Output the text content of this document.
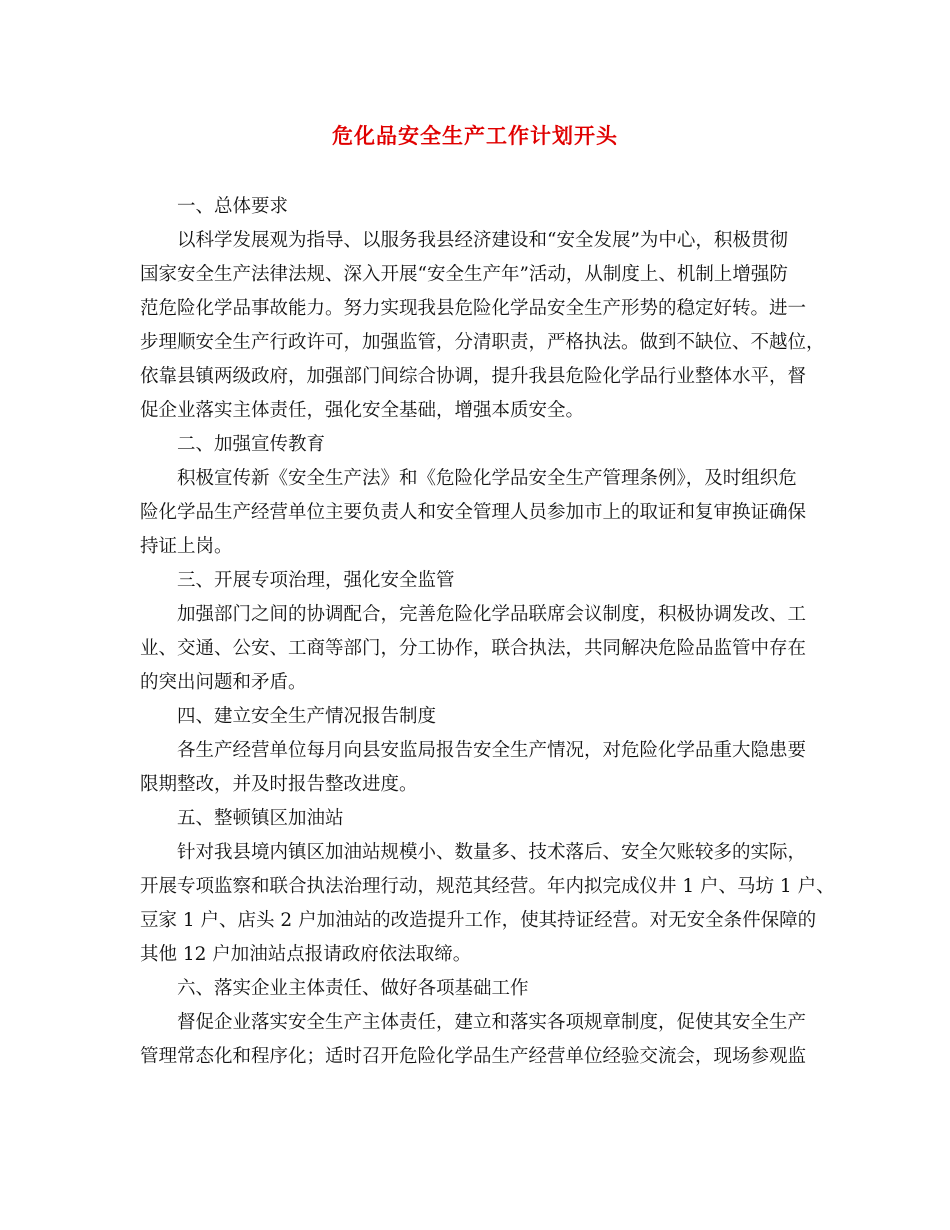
危化品安全生产工作计划开头
一、总体要求
以科学发展观为指导、以服务我县经济建设和“安全发展”为中心，积极贯彻
国家安全生产法律法规、深入开展“安全生产年”活动，从制度上、机制上增强防
范危险化学品事故能力。努力实现我县危险化学品安全生产形势的稳定好转。进一
步理顺安全生产行政许可，加强监管，分清职责，严格执法。做到不缺位、不越位，
依靠县镇两级政府，加强部门间综合协调，提升我县危险化学品行业整体水平，督
促企业落实主体责任，强化安全基础，增强本质安全。
二、加强宣传教育
积极宣传新《安全生产法》和《危险化学品安全生产管理条例》，及时组织危
险化学品生产经营单位主要负责人和安全管理人员参加市上的取证和复审换证确保
持证上岗。
三、开展专项治理，强化安全监管
加强部门之间的协调配合，完善危险化学品联席会议制度，积极协调发改、工
业、交通、公安、工商等部门，分工协作，联合执法，共同解决危险品监管中存在
的突出问题和矛盾。
四、建立安全生产情况报告制度
各生产经营单位每月向县安监局报告安全生产情况，对危险化学品重大隐患要
限期整改，并及时报告整改进度。
五、整顿镇区加油站
针对我县境内镇区加油站规模小、数量多、技术落后、安全欠账较多的实际，
开展专项监察和联合执法治理行动，规范其经营。年内拟完成仪井 1 户、马坊 1 户、
豆家 1 户、店头 2 户加油站的改造提升工作，使其持证经营。对无安全条件保障的
其他 12 户加油站点报请政府依法取缔。
六、落实企业主体责任、做好各项基础工作
督促企业落实安全生产主体责任，建立和落实各项规章制度，促使其安全生产
管理常态化和程序化；适时召开危险化学品生产经营单位经验交流会，现场参观监
